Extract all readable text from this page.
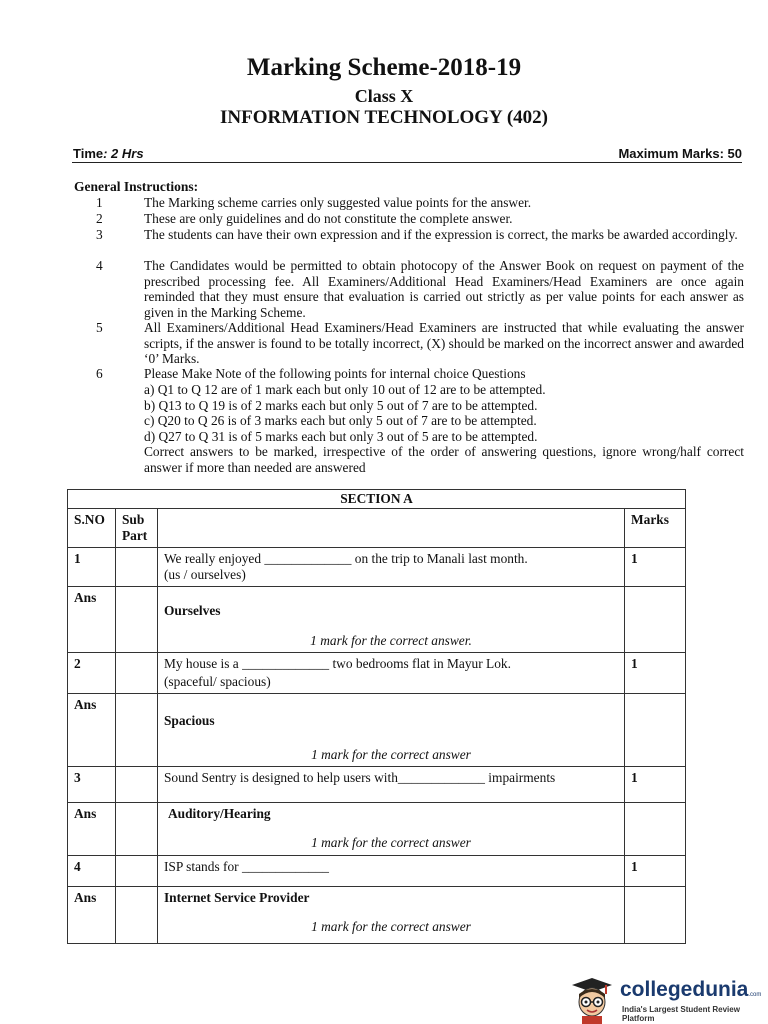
Marking Scheme-2018-19
Class X
INFORMATION TECHNOLOGY (402)
Time: 2 Hrs	Maximum Marks: 50
General Instructions:
1	The Marking scheme carries only suggested value points for the answer.
2	These are only guidelines and do not constitute the complete answer.
3	The students can have their own expression and if the expression is correct, the marks be awarded accordingly.
4	The Candidates would be permitted to obtain photocopy of the Answer Book on request on payment of the prescribed processing fee. All Examiners/Additional Head Examiners/Head Examiners are once again reminded that they must ensure that evaluation is carried out strictly as per value points for each answer as given in the Marking Scheme.
5	All Examiners/Additional Head Examiners/Head Examiners are instructed that while evaluating the answer scripts, if the answer is found to be totally incorrect, (X) should be marked on the incorrect answer and awarded ‘0’ Marks.
6	Please Make Note of the following points for internal choice Questions
a) Q1 to Q 12 are of 1 mark each but only 10 out of 12 are to be attempted.
b) Q13 to Q 19 is of 2 marks each but only 5 out of 7 are to be attempted.
c) Q20 to Q 26 is of 3 marks each but only 5 out of 7 are to be attempted.
d) Q27 to Q 31 is of 5 marks each but only 3 out of 5 are to be attempted.
Correct answers to be marked, irrespective of the order of answering questions, ignore wrong/half correct answer if more than needed are answered
SECTION A			
S.NO	Sub Part		Marks
1		We really enjoyed _____________ on the trip to Manali last month.
(us / ourselves)	1
Ans		Ourselves
1 mark for the correct answer.	

2		My house is a _____________ two bedrooms flat in Mayur Lok.
(spaceful/ spacious)	1
Ans		Spacious
1 mark for the correct answer	

3		Sound Sentry is designed to help users with_____________ impairments	1
Ans		Auditory/Hearing
1 mark for the correct answer	

4		ISP stands for _____________	1
Ans		Internet Service Provider
1 mark for the correct answer	

collegedunia.com
India's Largest Student Review Platform
